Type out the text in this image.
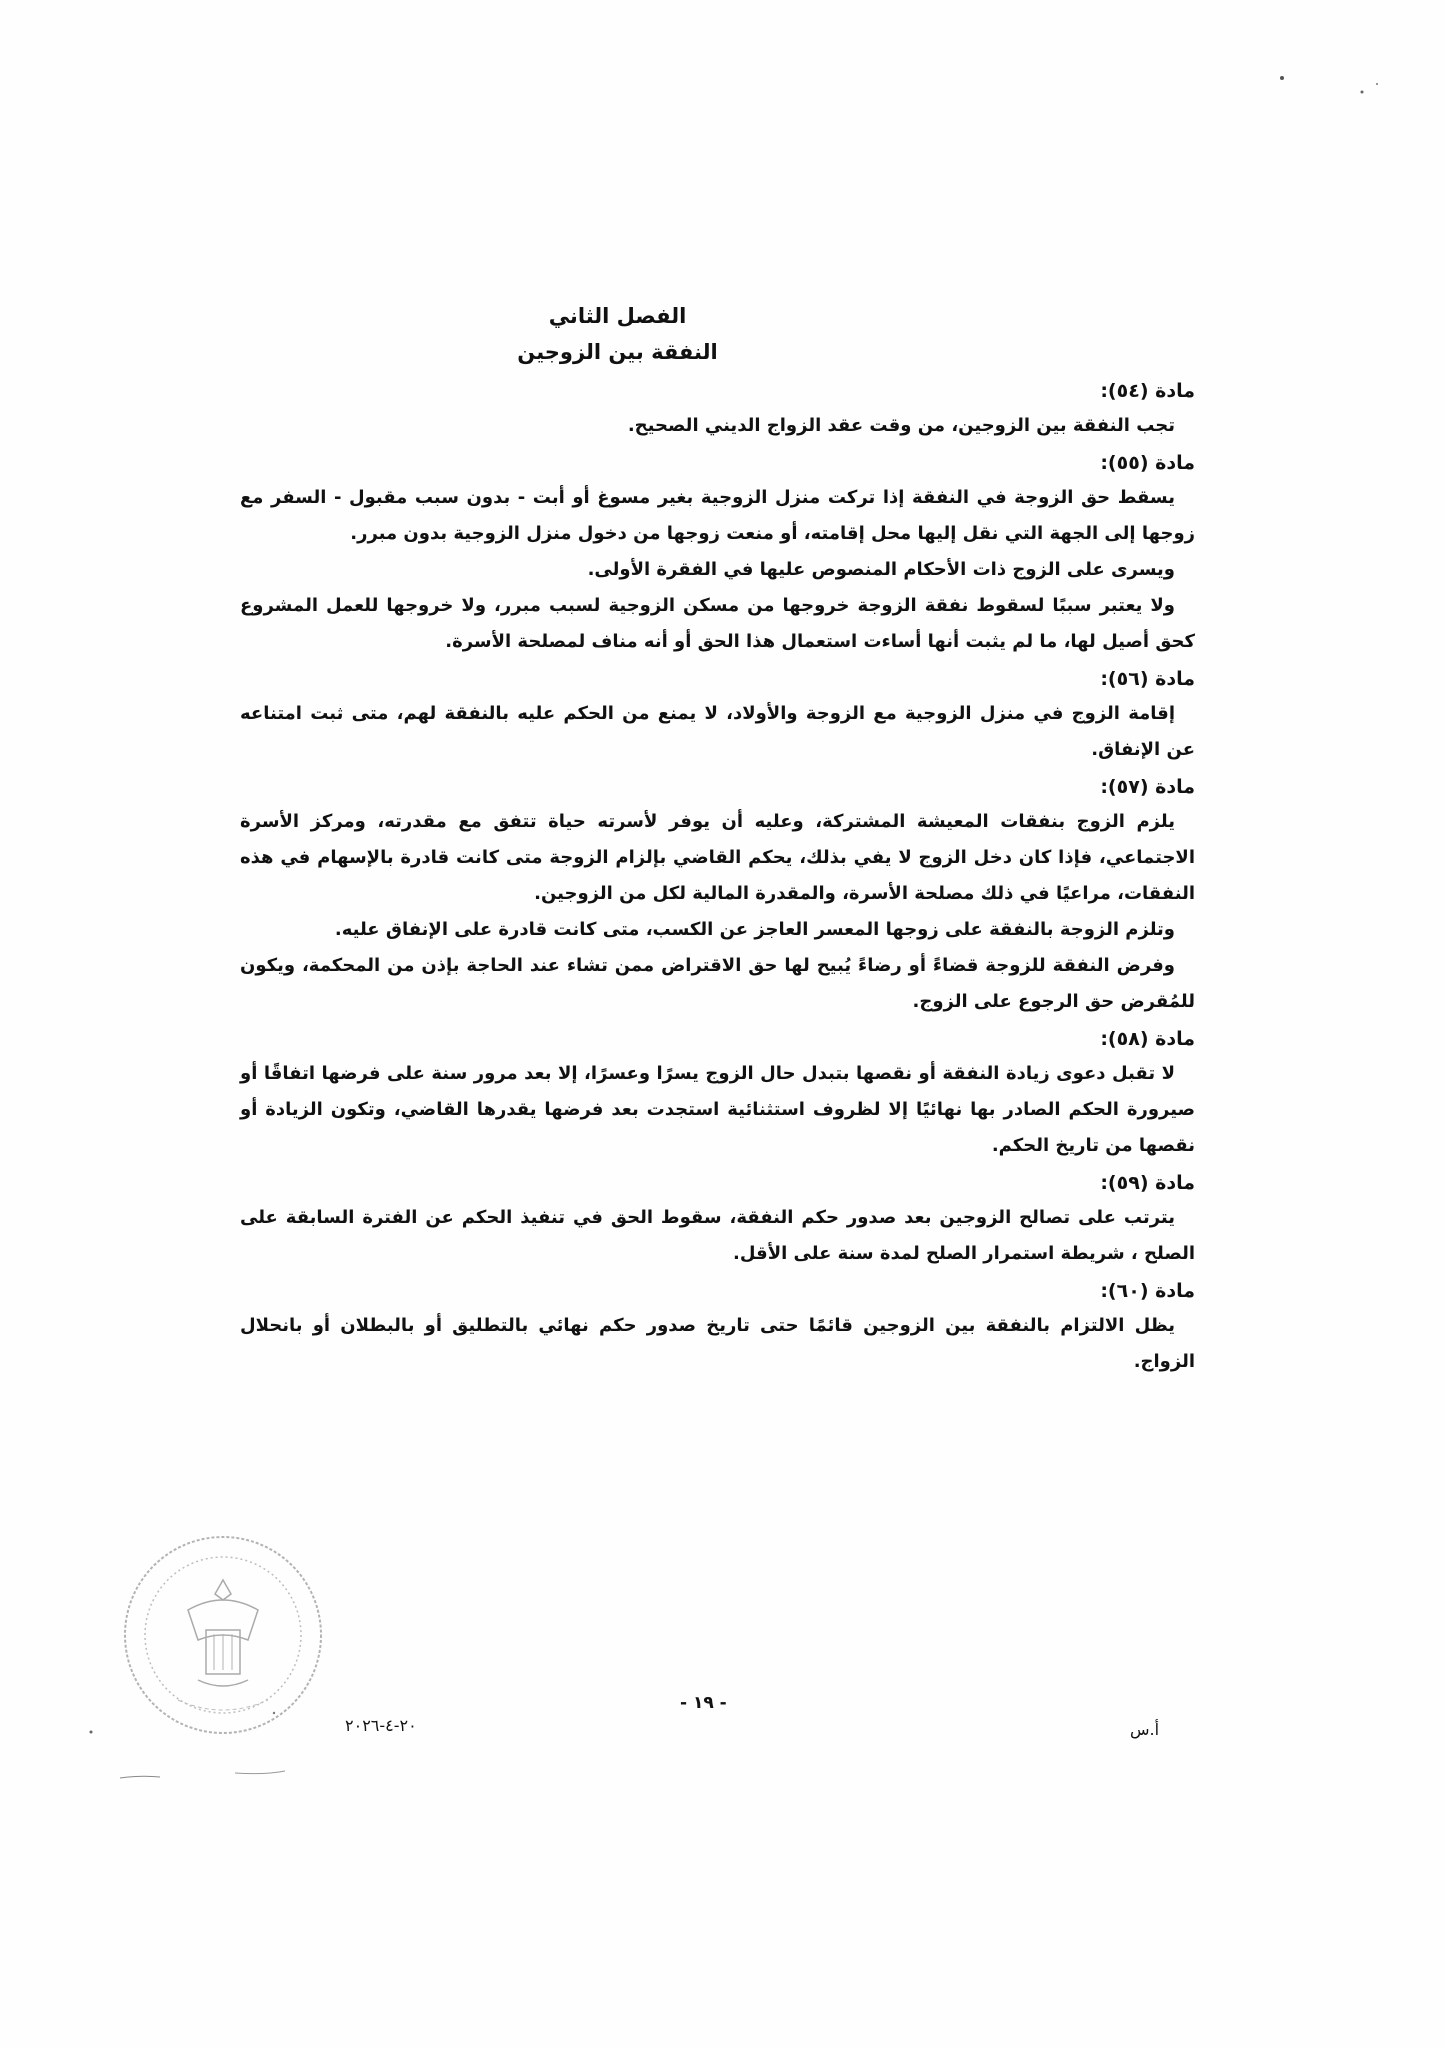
الفصل الثاني
النفقة بين الزوجين
مادة (٥٤):

تجب النفقة بين الزوجين، من وقت عقد الزواج الديني الصحيح.

مادة (٥٥):

يسقط حق الزوجة في النفقة إذا تركت منزل الزوجية بغير مسوغ أو أبت - بدون سبب مقبول - السفر مع زوجها إلى الجهة التي نقل إليها محل إقامته، أو منعت زوجها من دخول منزل الزوجية بدون مبرر.

ويسرى على الزوج ذات الأحكام المنصوص عليها في الفقرة الأولى.

ولا يعتبر سببًا لسقوط نفقة الزوجة خروجها من مسكن الزوجية لسبب مبرر، ولا خروجها للعمل المشروع كحق أصيل لها، ما لم يثبت أنها أساءت استعمال هذا الحق أو أنه مناف لمصلحة الأسرة.

مادة (٥٦):

إقامة الزوج في منزل الزوجية مع الزوجة والأولاد، لا يمنع من الحكم عليه بالنفقة لهم، متى ثبت امتناعه عن الإنفاق.

مادة (٥٧):

يلزم الزوج بنفقات المعيشة المشتركة، وعليه أن يوفر لأسرته حياة تتفق مع مقدرته، ومركز الأسرة الاجتماعي، فإذا كان دخل الزوج لا يفي بذلك، يحكم القاضي بإلزام الزوجة متى كانت قادرة بالإسهام في هذه النفقات، مراعيًا في ذلك مصلحة الأسرة، والمقدرة المالية لكل من الزوجين.

وتلزم الزوجة بالنفقة على زوجها المعسر العاجز عن الكسب، متى كانت قادرة على الإنفاق عليه.

وفرض النفقة للزوجة قضاءً أو رضاءً يُبيح لها حق الاقتراض ممن تشاء عند الحاجة بإذن من المحكمة، ويكون للمُقرض حق الرجوع على الزوج.

مادة (٥٨):

لا تقبل دعوى زيادة النفقة أو نقصها بتبدل حال الزوج يسرًا وعسرًا، إلا بعد مرور سنة على فرضها اتفاقًا أو صيرورة الحكم الصادر بها نهائيًا إلا لظروف استثنائية استجدت بعد فرضها يقدرها القاضي، وتكون الزيادة أو نقصها من تاريخ الحكم.

مادة (٥٩):

يترتب على تصالح الزوجين بعد صدور حكم النفقة، سقوط الحق في تنفيذ الحكم عن الفترة السابقة على الصلح ، شريطة استمرار الصلح لمدة سنة على الأقل.

مادة (٦٠):

يظل الالتزام بالنفقة بين الزوجين قائمًا حتى تاريخ صدور حكم نهائي بالتطليق أو بالبطلان أو بانحلال الزواج.

- ١٩ -
٢٠-٤-٢٠٢٦	أ.س
